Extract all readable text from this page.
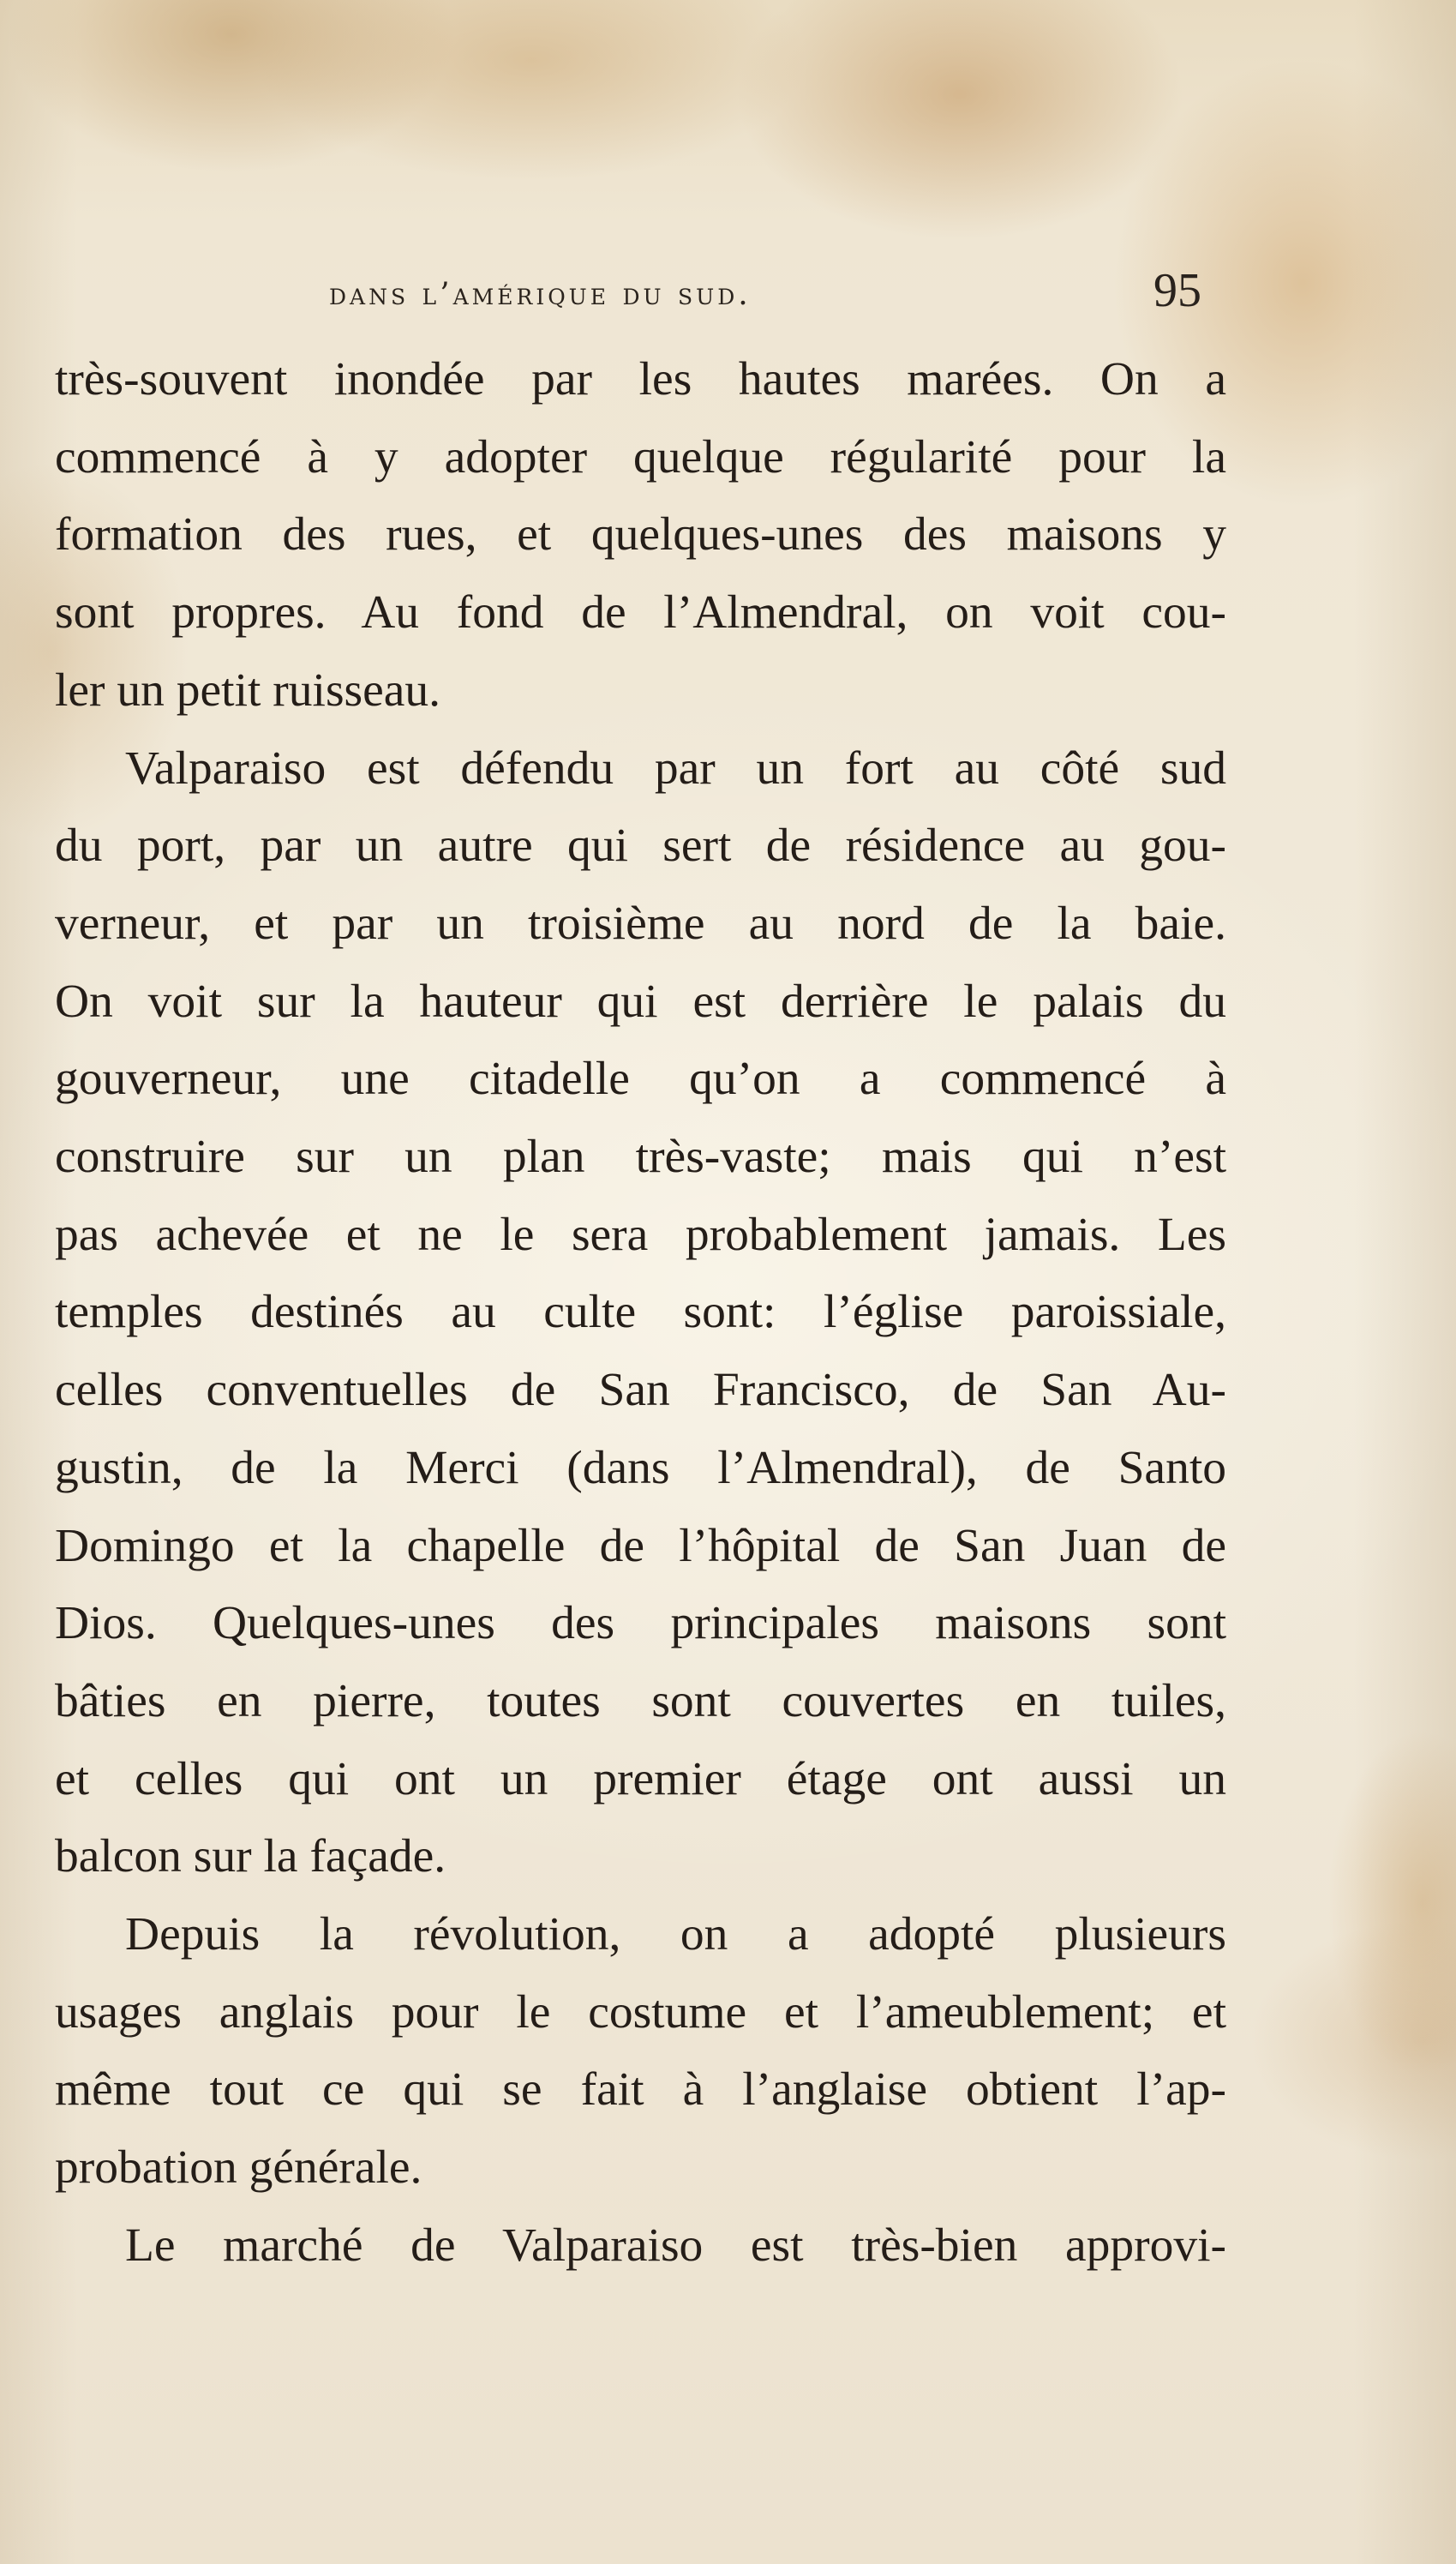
dans l’amérique du sud.	95

très-souvent inondée par les hautes marées. On a

commencé à y adopter quelque régularité pour la

formation des rues, et quelques-unes des maisons y

sont propres. Au fond de l’Almendral, on voit cou-

ler un petit ruisseau.

Valparaiso est défendu par un fort au côté sud

du port, par un autre qui sert de résidence au gou-

verneur, et par un troisième au nord de la baie.

On voit sur la hauteur qui est derrière le palais du

gouverneur, une citadelle qu’on a commencé à

construire sur un plan très-vaste; mais qui n’est

pas achevée et ne le sera probablement jamais. Les

temples destinés au culte sont: l’église paroissiale,

celles conventuelles de San Francisco, de San Au-

gustin, de la Merci (dans l’Almendral), de Santo

Domingo et la chapelle de l’hôpital de San Juan de

Dios. Quelques-unes des principales maisons sont

bâties en pierre, toutes sont couvertes en tuiles,

et celles qui ont un premier étage ont aussi un

balcon sur la façade.

Depuis la révolution, on a adopté plusieurs

usages anglais pour le costume et l’ameublement; et

même tout ce qui se fait à l’anglaise obtient l’ap-

probation générale.

Le marché de Valparaiso est très-bien approvi-
